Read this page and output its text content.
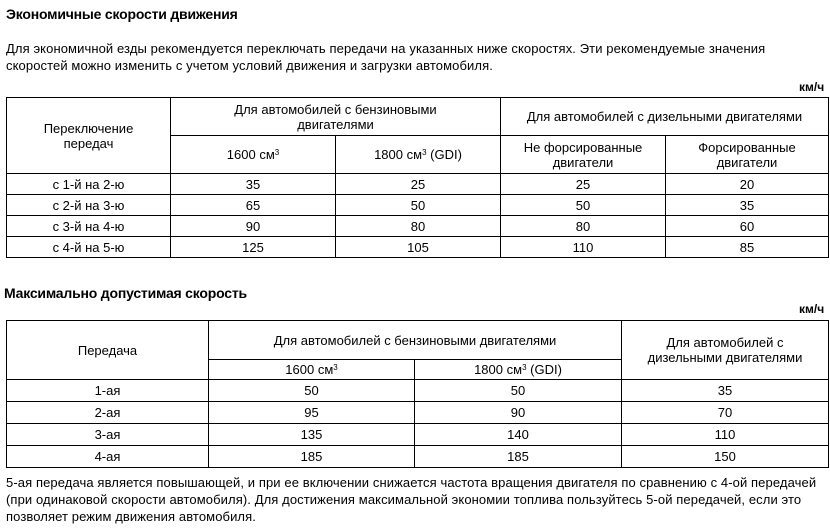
Экономичные скорости движения
Для экономичной езды рекомендуется переключать передачи на указанных ниже скоростях. Эти рекомендуемые значения скоростей можно изменить с учетом условий движения и загрузки автомобиля.
км/ч
Переключение передач	Для автомобилей с бензиновыми двигателями		Для автомобилей с дизельными двигателями	
	1600 $см^3$	1800 $см^3$ (GDI)	Не форсированные двигатели	Форсированные двигатели
с 1-й на 2-ю	35	25	25	20
с 2-й на 3-ю	65	50	50	35
с 3-й на 4-ю	90	80	80	60
с 4-й на 5-ю	125	105	110	85
Максимально допустимая скорость
км/ч
Передача	Для автомобилей с бензиновыми двигателями		Для автомобилей с дизельными двигателями
	1600 $см^3$	1800 $см^3$ (GDI)	
1-ая	50	50	35
2-ая	95	90	70
3-ая	135	140	110
4-ая	185	185	150
5-ая передача является повышающей, и при ее включении снижается частота вращения двигателя по сравнению с 4-ой передачей (при одинаковой скорости автомобиля). Для достижения максимальной экономии топлива пользуйтесь 5-ой передачей, если это позволяет режим движения автомобиля.
